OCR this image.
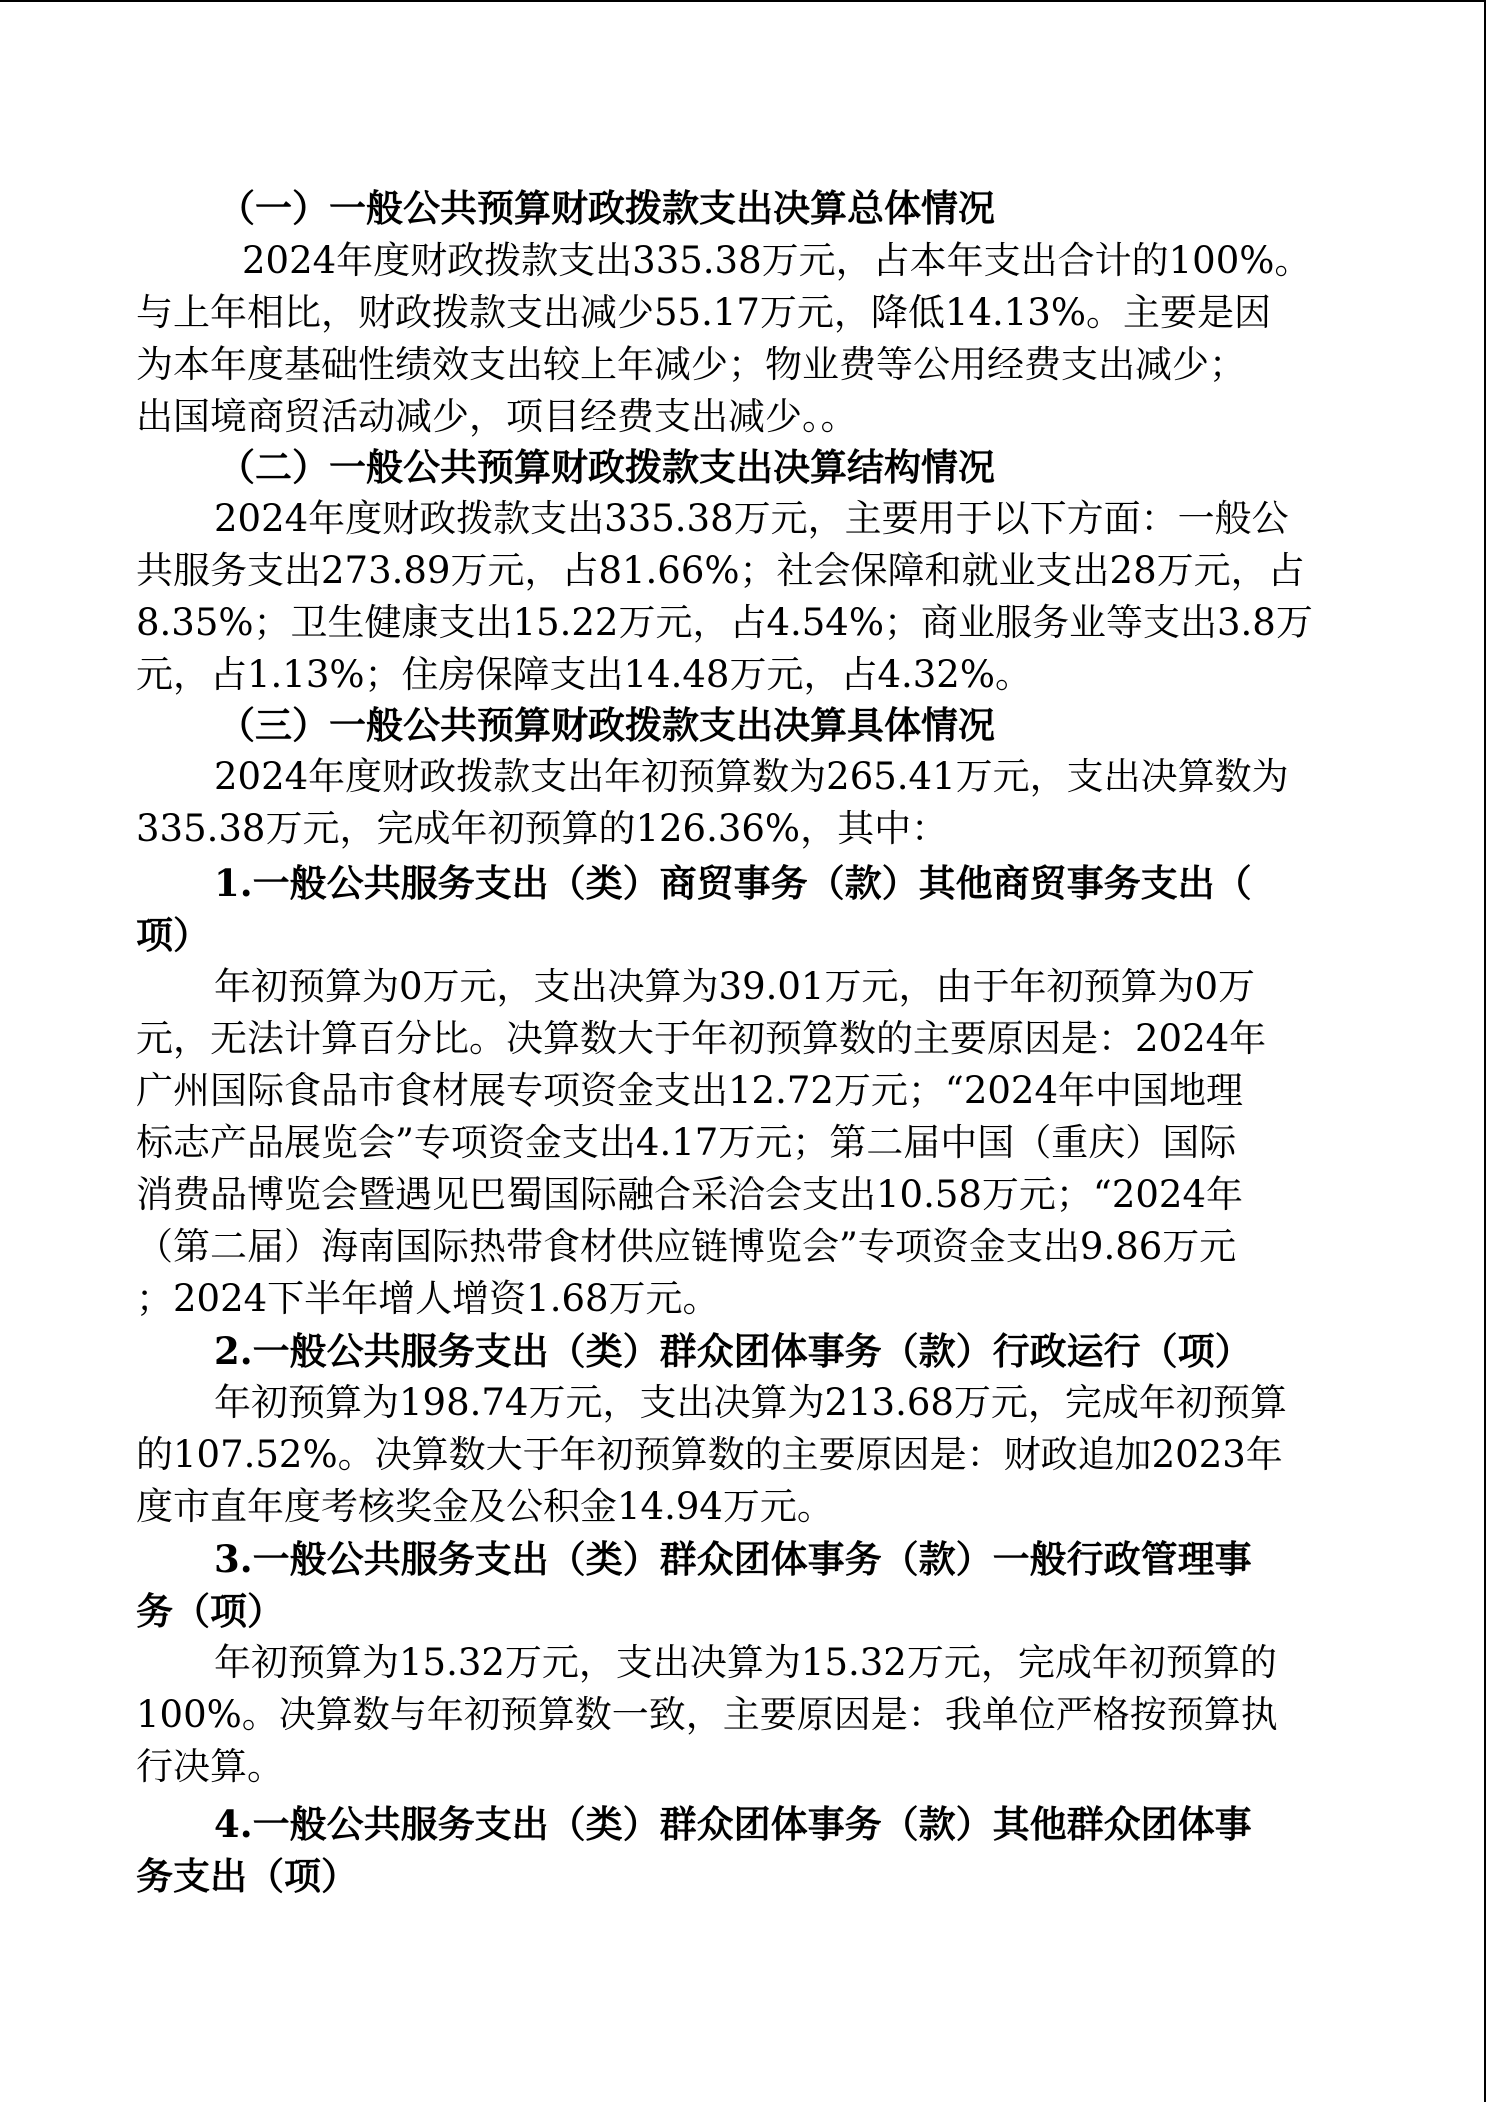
（一）一般公共预算财政拨款支出决算总体情况

2024年度财政拨款支出335.38万元，占本年支出合计的100%。

与上年相比，财政拨款支出减少55.17万元，降低14.13%。主要是因

为本年度基础性绩效支出较上年减少；物业费等公用经费支出减少；

出国境商贸活动减少，项目经费支出减少。。

（二）一般公共预算财政拨款支出决算结构情况

2024年度财政拨款支出335.38万元，主要用于以下方面：一般公

共服务支出273.89万元，占81.66%；社会保障和就业支出28万元，占

8.35%；卫生健康支出15.22万元，占4.54%；商业服务业等支出3.8万

元，占1.13%；住房保障支出14.48万元，占4.32%。

（三）一般公共预算财政拨款支出决算具体情况

2024年度财政拨款支出年初预算数为265.41万元，支出决算数为

335.38万元，完成年初预算的126.36%，其中：

1.一般公共服务支出（类）商贸事务（款）其他商贸事务支出（

项）

年初预算为0万元，支出决算为39.01万元，由于年初预算为0万

元，无法计算百分比。决算数大于年初预算数的主要原因是：2024年

广州国际食品市食材展专项资金支出12.72万元；“2024年中国地理

标志产品展览会”专项资金支出4.17万元；第二届中国（重庆）国际

消费品博览会暨遇见巴蜀国际融合采洽会支出10.58万元；“2024年

（第二届）海南国际热带食材供应链博览会”专项资金支出9.86万元

；2024下半年增人增资1.68万元。

2.一般公共服务支出（类）群众团体事务（款）行政运行（项）

年初预算为198.74万元，支出决算为213.68万元，完成年初预算

的107.52%。决算数大于年初预算数的主要原因是：财政追加2023年

度市直年度考核奖金及公积金14.94万元。

3.一般公共服务支出（类）群众团体事务（款）一般行政管理事

务（项）

年初预算为15.32万元，支出决算为15.32万元，完成年初预算的

100%。决算数与年初预算数一致，主要原因是：我单位严格按预算执

行决算。

4.一般公共服务支出（类）群众团体事务（款）其他群众团体事

务支出（项）
